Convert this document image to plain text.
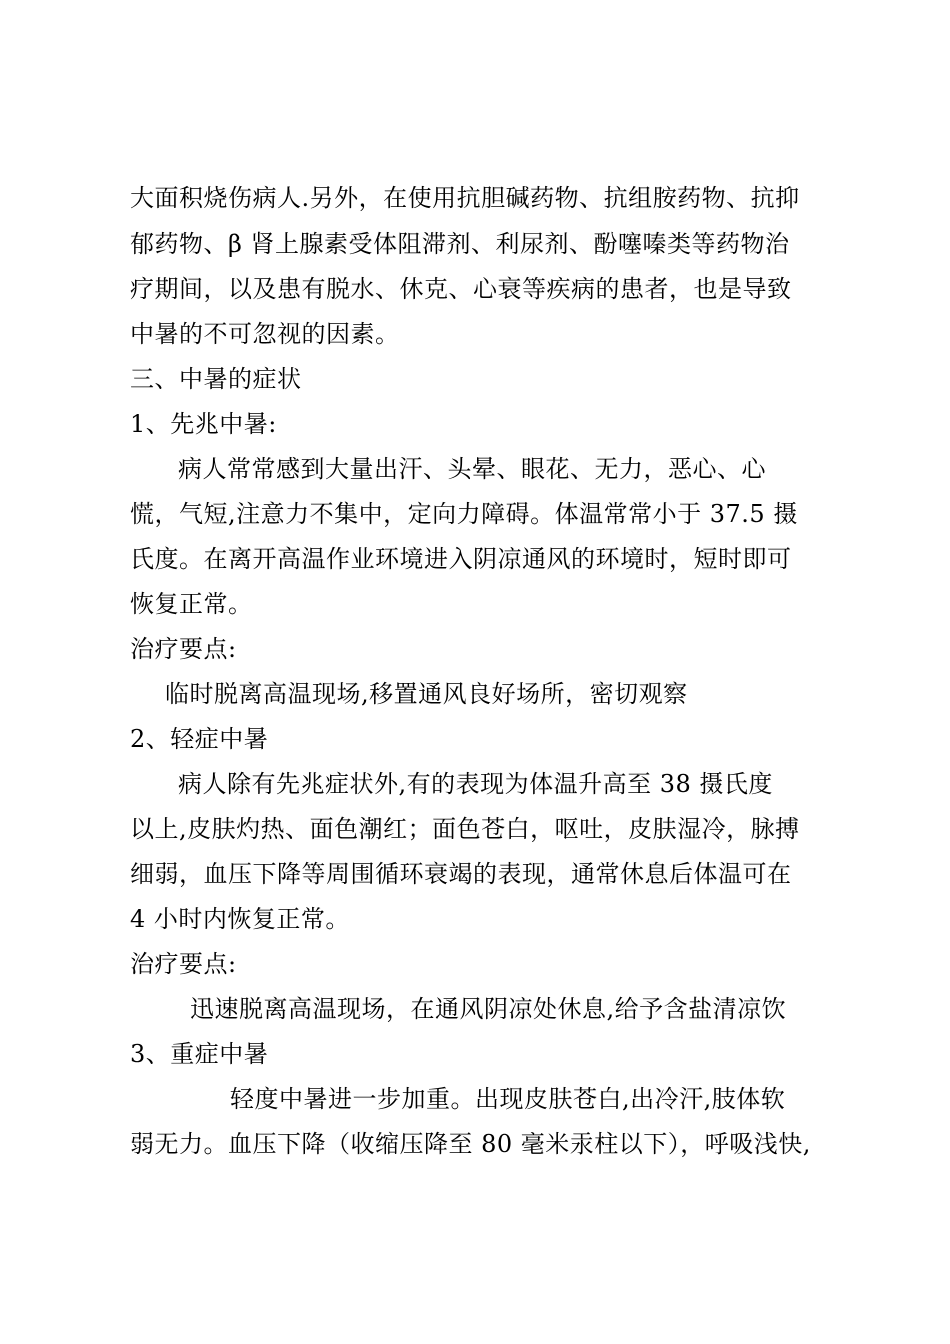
大面积烧伤病人.另外，在使用抗胆碱药物、抗组胺药物、抗抑
郁药物、β 肾上腺素受体阻滞剂、利尿剂、酚噻嗪类等药物治
疗期间，以及患有脱水、休克、心衰等疾病的患者，也是导致
中暑的不可忽视的因素。
三、中暑的症状
1、先兆中暑:
病人常常感到大量出汗、头晕、眼花、无力，恶心、心
慌，气短,注意力不集中，定向力障碍。体温常常小于 37.5 摄
氏度。在离开高温作业环境进入阴凉通风的环境时，短时即可
恢复正常。
治疗要点:
临时脱离高温现场,移置通风良好场所，密切观察
2、轻症中暑
病人除有先兆症状外,有的表现为体温升高至 38 摄氏度
以上,皮肤灼热、面色潮红；面色苍白，呕吐，皮肤湿冷，脉搏
细弱，血压下降等周围循环衰竭的表现，通常休息后体温可在
4 小时内恢复正常。
治疗要点:
迅速脱离高温现场，在通风阴凉处休息,给予含盐清凉饮
3、重症中暑
轻度中暑进一步加重。出现皮肤苍白,出冷汗,肢体软
弱无力。血压下降（收缩压降至 80 毫米汞柱以下），呼吸浅快,
